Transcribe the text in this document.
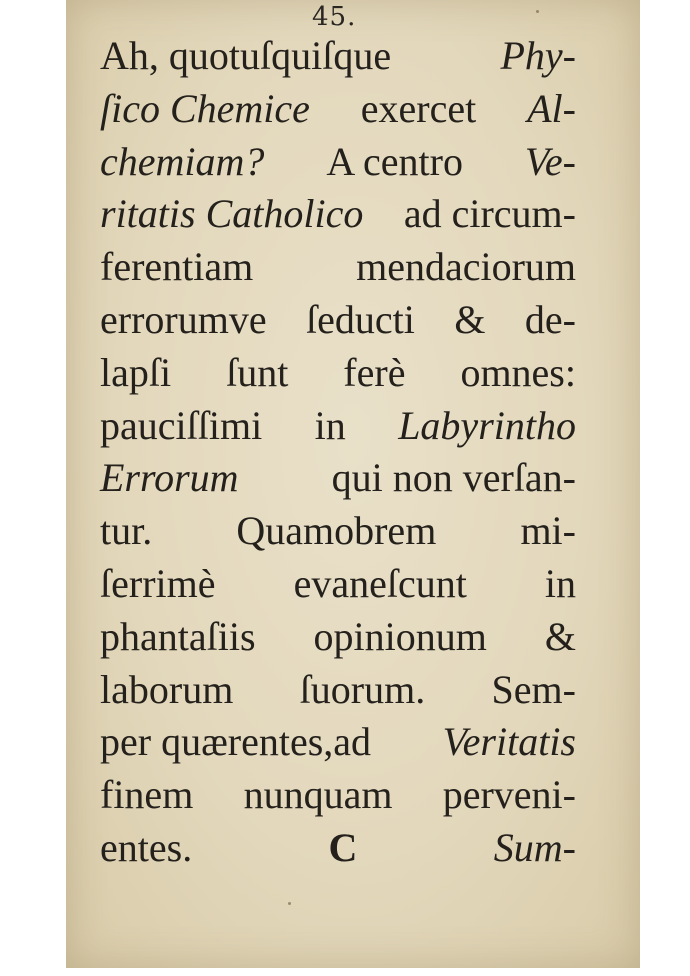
45.
Ah, quotuſquiſque	Phy-
ſico Chemice exercet Al-
chemiam? A centro Ve-
ritatis Catholico ad circum-
ferentiam	mendaciorum
errorumve ſeducti & de-
lapſi ſunt ferè omnes:
pauciſſimi in Labyrintho
Errorum qui non verſan-
tur. Quamobrem mi-
ſerrimè evaneſcunt in
phantaſiis opinionum &
laborum ſuorum. Sem-
per quærentes,ad Veritatis
finem nunquam perveni-
entes.	C	Sum-
